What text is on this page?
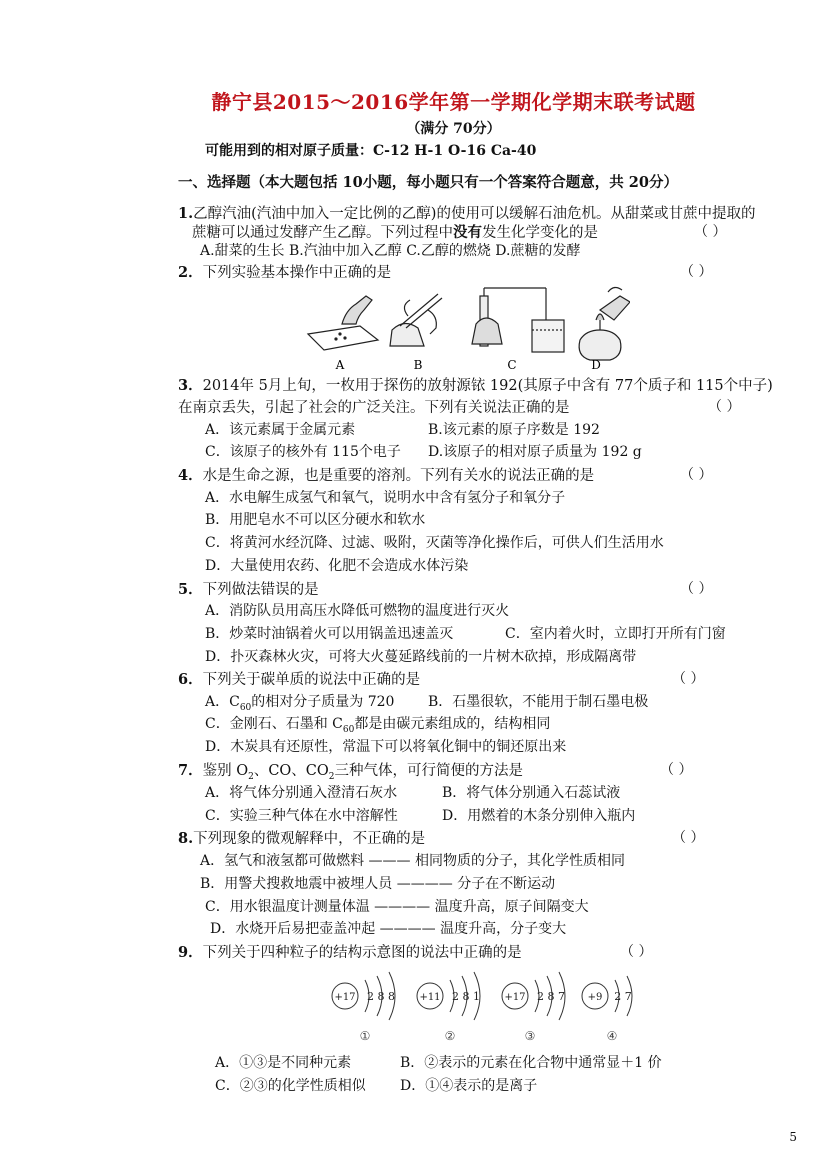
静宁县2015～2016学年第一学期化学期末联考试题
（满分 70分）
可能用到的相对原子质量：C-12 H-1 O-16 Ca-40
一、选择题（本大题包括 10小题，每小题只有一个答案符合题意，共 20分）
1.乙醇汽油(汽油中加入一定比例的乙醇)的使用可以缓解石油危机。从甜菜或甘蔗中提取的
蔗糖可以通过发酵产生乙醇。下列过程中没有发生化学变化的是	（ ）
A.甜菜的生长 B.汽油中加入乙醇 C.乙醇的燃烧 D.蔗糖的发酵
2．下列实验基本操作中正确的是	（ ）
A	B	C	D
3．2014年 5月上旬，一枚用于探伤的放射源铱 192(其原子中含有 77个质子和 115个中子)
在南京丢失，引起了社会的广泛关注。下列有关说法正确的是	（ ）
A．该元素属于金属元素	B.该元素的原子序数是 192
C．该原子的核外有 115个电子 D.该原子的相对原子质量为 192 g
4．水是生命之源，也是重要的溶剂。下列有关水的说法正确的是	（ ）
A．水电解生成氢气和氧气，说明水中含有氢分子和氧分子
B．用肥皂水不可以区分硬水和软水
C．将黄河水经沉降、过滤、吸附，灭菌等净化操作后，可供人们生活用水
D．大量使用农药、化肥不会造成水体污染
5．下列做法错误的是	（ ）
A．消防队员用高压水降低可燃物的温度进行灭火
B．炒菜时油锅着火可以用锅盖迅速盖灭	C．室内着火时，立即打开所有门窗
D．扑灭森林火灾，可将大火蔓延路线前的一片树木砍掉，形成隔离带
6．下列关于碳单质的说法中正确的是	（ ）
A．$C_{60}$的相对分子质量为 720 B．石墨很软，不能用于制石墨电极
C．金刚石、石墨和 $C_{60}$都是由碳元素组成的，结构相同
D．木炭具有还原性，常温下可以将氧化铜中的铜还原出来
7．鉴别 $O_2$、CO、$CO_2$三种气体，可行简便的方法是	（ ）
A．将气体分别通入澄清石灰水	B．将气体分别通入石蕊试液
C．实验三种气体在水中溶解性	D．用燃着的木条分别伸入瓶内
8.下列现象的微观解释中，不正确的是	（ ）
A．氢气和液氢都可做燃料 ——— 相同物质的分子，其化学性质相同
B．用警犬搜救地震中被埋人员 ———— 分子在不断运动
C．用水银温度计测量体温 ———— 温度升高，原子间隔变大
D．水烧开后易把壶盖冲起 ———— 温度升高，分子变大
9．下列关于四种粒子的结构示意图的说法中正确的是	（ ）
+17 2 8 8
①
+11 2 8 1
②
+17 2 8 7
③
+9 2 7
④
A．①③是不同种元素	B．②表示的元素在化合物中通常显＋1 价
C．②③的化学性质相似 D．①④表示的是离子
5
